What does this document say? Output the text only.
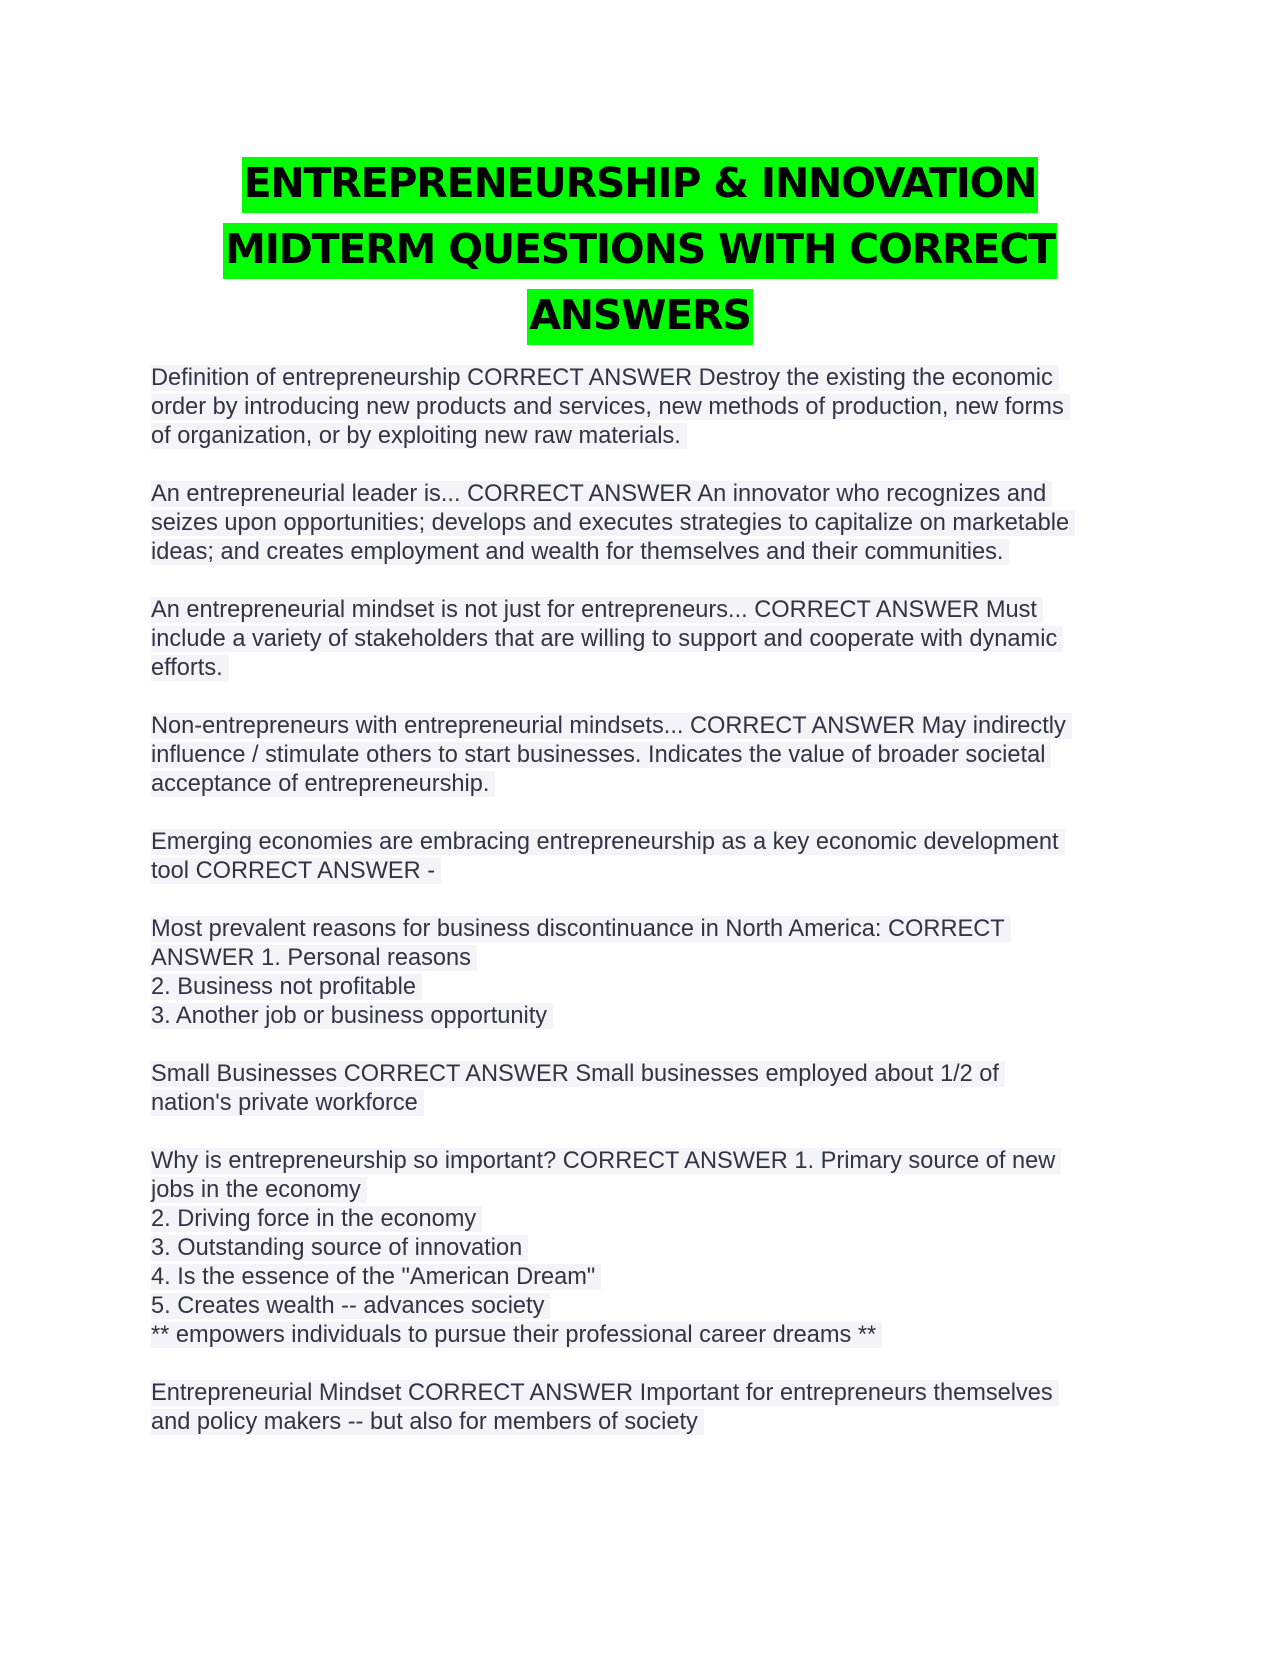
ENTREPRENEURSHIP & INNOVATION
MIDTERM QUESTIONS WITH CORRECT
ANSWERS
Definition of entrepreneurship CORRECT ANSWER Destroy the existing the economic
order by introducing new products and services, new methods of production, new forms
of organization, or by exploiting new raw materials.
An entrepreneurial leader is... CORRECT ANSWER An innovator who recognizes and
seizes upon opportunities; develops and executes strategies to capitalize on marketable
ideas; and creates employment and wealth for themselves and their communities.
An entrepreneurial mindset is not just for entrepreneurs... CORRECT ANSWER Must
include a variety of stakeholders that are willing to support and cooperate with dynamic
efforts.
Non-entrepreneurs with entrepreneurial mindsets... CORRECT ANSWER May indirectly
influence / stimulate others to start businesses. Indicates the value of broader societal
acceptance of entrepreneurship.
Emerging economies are embracing entrepreneurship as a key economic development
tool CORRECT ANSWER -
Most prevalent reasons for business discontinuance in North America: CORRECT
ANSWER 1. Personal reasons
2. Business not profitable
3. Another job or business opportunity
Small Businesses CORRECT ANSWER Small businesses employed about 1/2 of
nation's private workforce
Why is entrepreneurship so important? CORRECT ANSWER 1. Primary source of new
jobs in the economy
2. Driving force in the economy
3. Outstanding source of innovation
4. Is the essence of the "American Dream"
5. Creates wealth -- advances society
** empowers individuals to pursue their professional career dreams **
Entrepreneurial Mindset CORRECT ANSWER Important for entrepreneurs themselves
and policy makers -- but also for members of society
